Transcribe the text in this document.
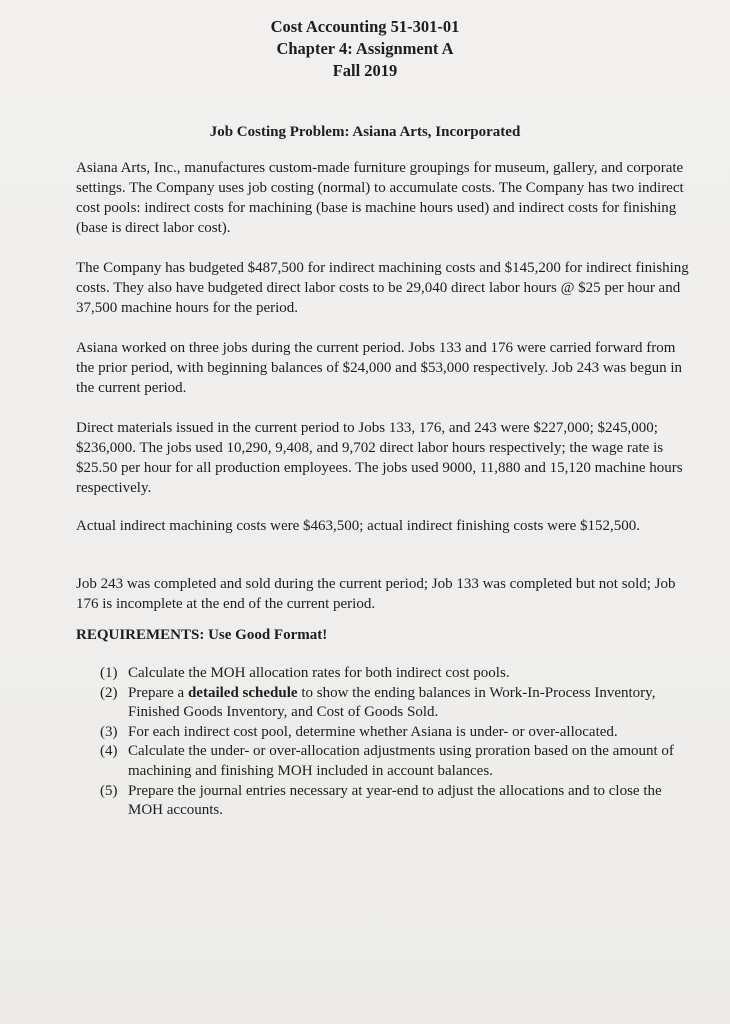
Cost Accounting 51-301-01
Chapter 4: Assignment A
Fall 2019
Job Costing Problem: Asiana Arts, Incorporated

Asiana Arts, Inc., manufactures custom-made furniture groupings for museum, gallery, and corporate settings. The Company uses job costing (normal) to accumulate costs. The Company has two indirect cost pools: indirect costs for machining (base is machine hours used) and indirect costs for finishing (base is direct labor cost).

The Company has budgeted $487,500 for indirect machining costs and $145,200 for indirect finishing costs. They also have budgeted direct labor costs to be 29,040 direct labor hours @ $25 per hour and 37,500 machine hours for the period.

Asiana worked on three jobs during the current period. Jobs 133 and 176 were carried forward from the prior period, with beginning balances of $24,000 and $53,000 respectively. Job 243 was begun in the current period.

Direct materials issued in the current period to Jobs 133, 176, and 243 were $227,000; $245,000; $236,000. The jobs used 10,290, 9,408, and 9,702 direct labor hours respectively; the wage rate is $25.50 per hour for all production employees. The jobs used 9000, 11,880 and 15,120 machine hours respectively.

Actual indirect machining costs were $463,500; actual indirect finishing costs were $152,500.

Job 243 was completed and sold during the current period; Job 133 was completed but not sold; Job 176 is incomplete at the end of the current period.

REQUIREMENTS: Use Good Format!
(1) Calculate the MOH allocation rates for both indirect cost pools.
(2) Prepare a detailed schedule to show the ending balances in Work-In-Process Inventory, Finished Goods Inventory, and Cost of Goods Sold.
(3) For each indirect cost pool, determine whether Asiana is under- or over-allocated.
(4) Calculate the under- or over-allocation adjustments using proration based on the amount of machining and finishing MOH included in account balances.
(5) Prepare the journal entries necessary at year-end to adjust the allocations and to close the MOH accounts.
